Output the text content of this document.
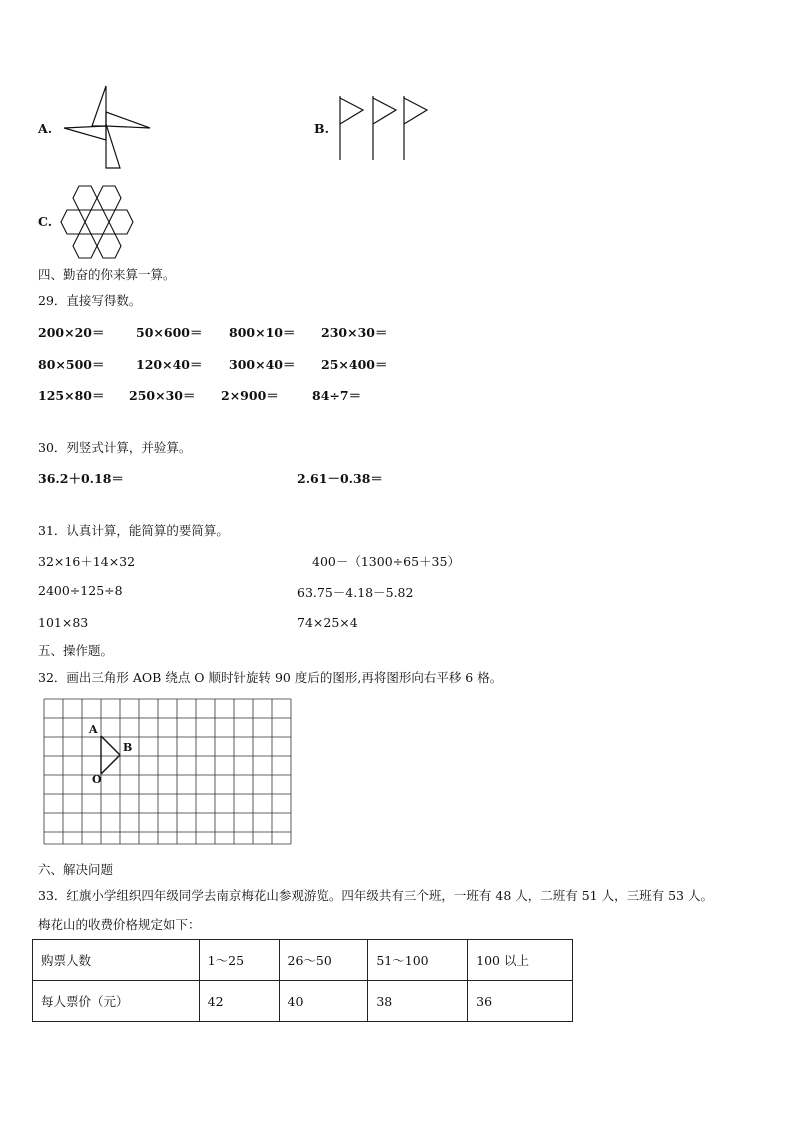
A.	B.
C.
四、勤奋的你来算一算。
29．直接写得数。
200×20＝	50×600＝ 800×10＝ 230×30＝
80×500＝	120×40＝ 300×40＝ 25×400＝
125×80＝ 250×30＝ 2×900＝	84÷7＝
30．列竖式计算，并验算。
36.2＋0.18＝	2.61－0.38＝
31．认真计算，能简算的要简算。
32×16＋14×32	400－（1300÷65＋35）
2400÷125÷8	63.75－4.18－5.82
101×83	74×25×4
五、操作题。
32．画出三角形 AOB 绕点 O 顺时针旋转 90 度后的图形,再将图形向右平移 6 格。
A
B
O
六、解决问题
33．红旗小学组织四年级同学去南京梅花山参观游览。四年级共有三个班，一班有 48 人，二班有 51 人，三班有 53 人。
梅花山的收费价格规定如下：
购票人数	1～25	26～50	51～100	100 以上
每人票价（元）	42	40	38	36
